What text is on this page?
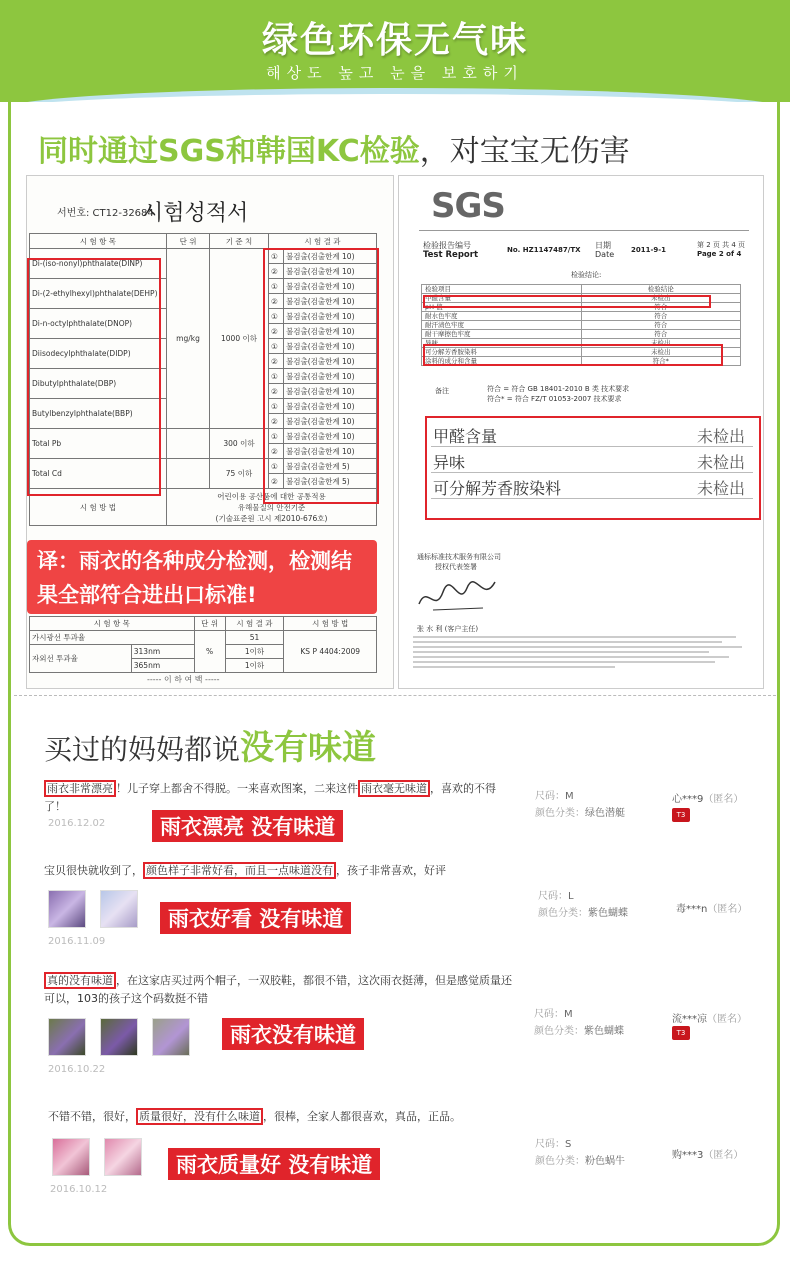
绿色环保无气味
해상도 높고 눈을 보호하기
同时通过SGS和韩国KC检验，对宝宝无伤害
서번호: CT12-32684
시험성적서
시 험 항 목	단 위	기 준 치	시 험 결 과	
Di-(iso-nonyl)phthalate(DINP)	mg/kg	1000 이하	①	불검출(검출한계 10)
			②	불검출(검출한계 10)
Di-(2-ethylhexyl)phthalate(DEHP)			①	불검출(검출한계 10)
			②	불검출(검출한계 10)
Di-n-octylphthalate(DNOP)			①	불검출(검출한계 10)
			②	불검출(검출한계 10)
Diisodecylphthalate(DIDP)			①	불검출(검출한계 10)
			②	불검출(검출한계 10)
Dibutylphthalate(DBP)			①	불검출(검출한계 10)
			②	불검출(검출한계 10)
Butylbenzylphthalate(BBP)			①	불검출(검출한계 10)
			②	불검출(검출한계 10)
Total Pb		300 이하	①	불검출(검출한계 10)
			②	불검출(검출한계 10)
Total Cd		75 이하	①	불검출(검출한계 5)
			②	불검출(검출한계 5)
시 험 방 법	어린이용 공산품에 대한 공통적용
유해물질의 안전기준
(기술표준원 고시 제2010-676호)			
译：雨衣的各种成分检测，检测结果全部符合进出口标准!
시 험 항 목		단 위	시 험 결 과	시 험 방 법
가시광선 투과율		%	51	KS P 4404:2009
자외선 투과율	313nm		1이하	
	365nm		1이하	
----- 이 하 여 백 -----
SGS
检验报告编号
Test Report	No. HZ1147487/TX 日期
Date 2011-9-1
第 2 页 共 4 页
Page 2 of 4
检验结论:
检验项目	检验结论
甲醛含量	未检出
pH 值	符合
耐水色牢度	符合
耐汗渍色牢度	符合
耐干摩擦色牢度	符合
异味	未检出
可分解芳香胺染料	未检出
涂料的成分和含量	符合*
备注	符合 = 符合 GB 18401-2010 B 类 技术要求
符合* = 符合 FZ/T 01053-2007 技术要求
甲醛含量	未检出
异味	未检出
可分解芳香胺染料	未检出
通标标准技术服务有限公司
授权代表签署
张 水 利 (客户主任)
买过的妈妈都说没有味道
雨衣非常漂亮 ！儿子穿上都舍不得脱。一来喜欢图案，二来这件 雨衣毫无味道 ，喜欢的不得了！
2016.12.02	雨衣漂亮 没有味道
尺码：M
颜色分类：绿色潜艇
心***9（匿名）
T3
宝贝很快就收到了， 颜色样子非常好看，而且一点味道没有 ，孩子非常喜欢，好评
2016.11.09
雨衣好看 没有味道
尺码：L
颜色分类：紫色蝴蝶	毒***n（匿名）
真的没有味道 ，在这家店买过两个帽子，一双胶鞋，都很不错，这次雨衣挺薄，但是感觉质量还可以，103的孩子这个码数挺不错
2016.10.22
雨衣没有味道
尺码：M
颜色分类：紫色蝴蝶
流***凉（匿名）
T3
不错不错，很好， 质量很好，没有什么味道 ，很棒，全家人都很喜欢，真品，正品。
2016.10.12
雨衣质量好 没有味道
尺码：S
颜色分类：粉色蜗牛
购***3（匿名）
